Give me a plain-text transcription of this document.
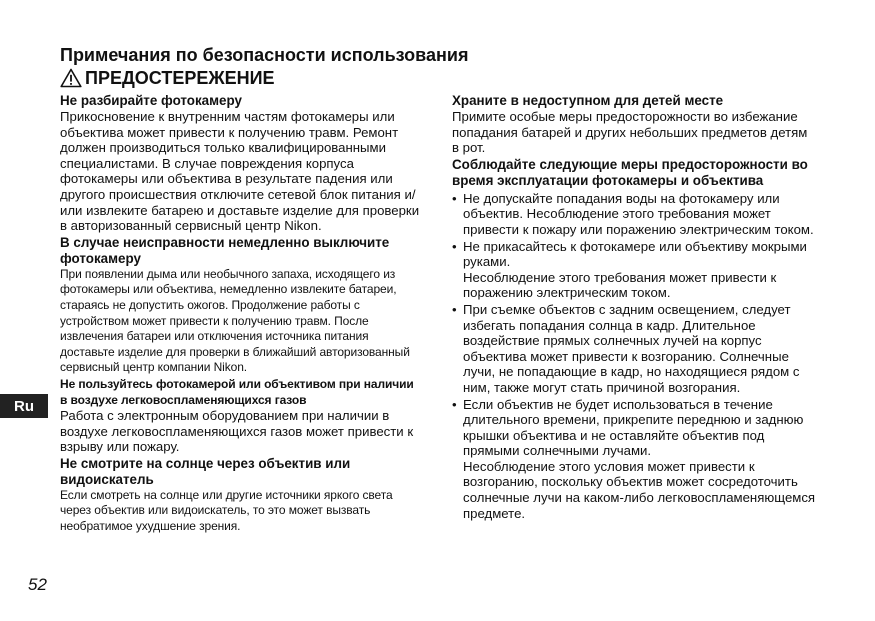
Примечания по безопасности использования
ПРЕДОСТЕРЕЖЕНИЕ

Не разбирайте фотокамеру

Прикосновение к внутренним частям фотокамеры или объектива может привести к получению травм. Ремонт должен производиться только квалифицированными специалистами. В случае повреждения корпуса фотокамеры или объектива в результате падения или другого происшествия отключите сетевой блок питания и/или извлеките батарею и доставьте изделие для проверки в авторизованный сервисный центр Nikon.

В случае неисправности немедленно выключите фотокамеру

При появлении дыма или необычного запаха, исходящего из фотокамеры или объектива, немедленно извлеките батареи, стараясь не допустить ожогов. Продолжение работы с устройством может привести к получению травм. После извлечения батареи или отключения источника питания доставьте изделие для проверки в ближайший авторизованный сервисный центр компании Nikon.

Не пользуйтесь фотокамерой или объективом при наличии в воздухе легковоспламеняющихся газов

Работа с электронным оборудованием при наличии в воздухе легковоспламеняющихся газов может привести к взрыву или пожару.

Не смотрите на солнце через объектив или видоискатель

Если смотреть на солнце или другие источники яркого света через объектив или видоискатель, то это может вызвать необратимое ухудшение зрения.

Храните в недоступном для детей месте

Примите особые меры предосторожности во избежание попадания батарей и других небольших предметов детям в рот.

Соблюдайте следующие меры предосторожности во время эксплуатации фотокамеры и объектива

• Не допускайте попадания воды на фотокамеру или объектив. Несоблюдение этого требования может привести к пожару или поражению электрическим током.
• Не прикасайтесь к фотокамере или объективу мокрыми руками.
Несоблюдение этого требования может привести к поражению электрическим током.
• При съемке объектов с задним освещением, следует избегать попадания солнца в кадр. Длительное воздействие прямых солнечных лучей на корпус объектива может привести к возгоранию. Солнечные лучи, не попадающие в кадр, но находящиеся рядом с ним, также могут стать причиной возгорания.
• Если объектив не будет использоваться в течение длительного времени, прикрепите переднюю и заднюю крышки объектива и не оставляйте объектив под прямыми солнечными лучами.
Несоблюдение этого условия может привести к возгоранию, поскольку объектив может сосредоточить солнечные лучи на каком-либо легковоспламеняющемся предмете.
Ru
52
